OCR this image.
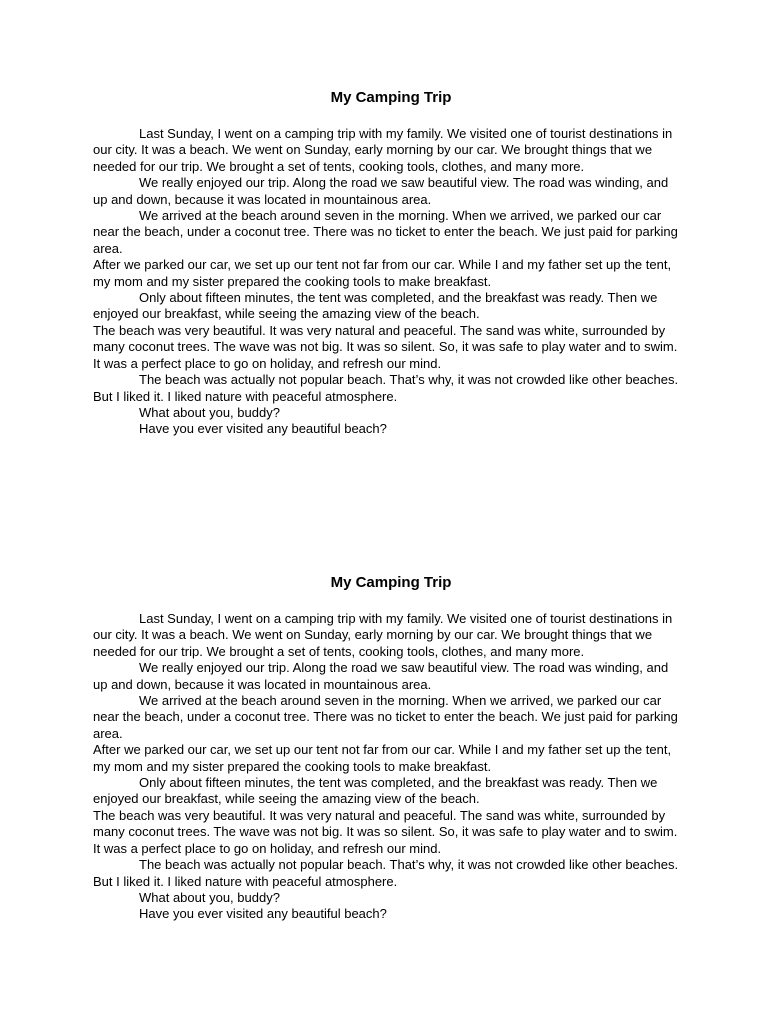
My Camping Trip

Last Sunday, I went on a camping trip with my family. We visited one of tourist destinations in our city. It was a beach. We went on Sunday, early morning by our car. We brought things that we needed for our trip. We brought a set of tents, cooking tools, clothes, and many more.

We really enjoyed our trip. Along the road we saw beautiful view. The road was winding, and up and down, because it was located in mountainous area.

We arrived at the beach around seven in the morning. When we arrived, we parked our car near the beach, under a coconut tree. There was no ticket to enter the beach. We just paid for parking area.

After we parked our car, we set up our tent not far from our car. While I and my father set up the tent, my mom and my sister prepared the cooking tools to make breakfast.

Only about fifteen minutes, the tent was completed, and the breakfast was ready. Then we enjoyed our breakfast, while seeing the amazing view of the beach.

The beach was very beautiful. It was very natural and peaceful. The sand was white, surrounded by many coconut trees. The wave was not big. It was so silent. So, it was safe to play water and to swim. It was a perfect place to go on holiday, and refresh our mind.

The beach was actually not popular beach. That’s why, it was not crowded like other beaches. But I liked it. I liked nature with peaceful atmosphere.

What about you, buddy?

Have you ever visited any beautiful beach?

My Camping Trip

Last Sunday, I went on a camping trip with my family. We visited one of tourist destinations in our city. It was a beach. We went on Sunday, early morning by our car. We brought things that we needed for our trip. We brought a set of tents, cooking tools, clothes, and many more.

We really enjoyed our trip. Along the road we saw beautiful view. The road was winding, and up and down, because it was located in mountainous area.

We arrived at the beach around seven in the morning. When we arrived, we parked our car near the beach, under a coconut tree. There was no ticket to enter the beach. We just paid for parking area.

After we parked our car, we set up our tent not far from our car. While I and my father set up the tent, my mom and my sister prepared the cooking tools to make breakfast.

Only about fifteen minutes, the tent was completed, and the breakfast was ready. Then we enjoyed our breakfast, while seeing the amazing view of the beach.

The beach was very beautiful. It was very natural and peaceful. The sand was white, surrounded by many coconut trees. The wave was not big. It was so silent. So, it was safe to play water and to swim. It was a perfect place to go on holiday, and refresh our mind.

The beach was actually not popular beach. That’s why, it was not crowded like other beaches. But I liked it. I liked nature with peaceful atmosphere.

What about you, buddy?

Have you ever visited any beautiful beach?
